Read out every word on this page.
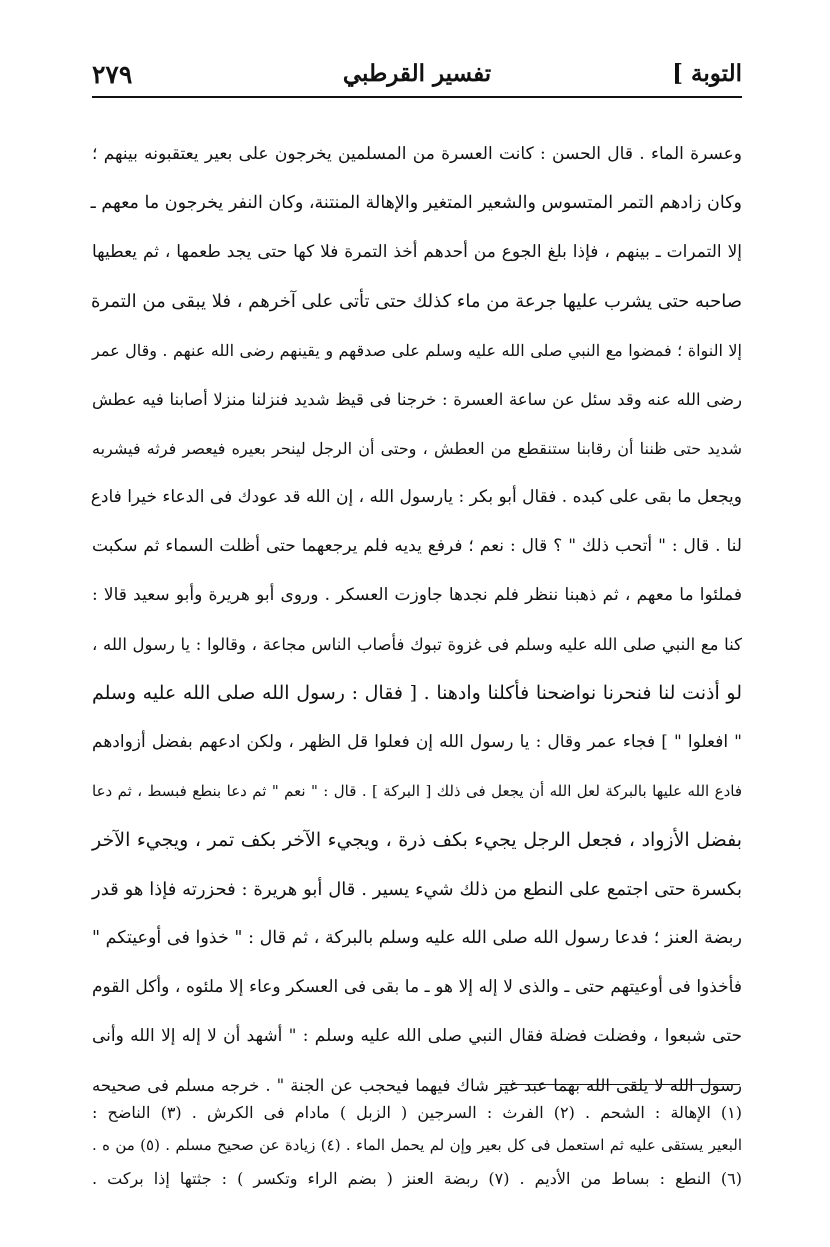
٢٧٩	تفسير القرطبي	التوبة ]
وعسرة الماء . قال الحسن : كانت العسرة من المسلمين يخرجون على بعير يعتقبونه بينهم ؛
وكان زادهم التمر المتسوس والشعير المتغير والإهالة المنتنة، وكان النفر يخرجون ما معهم ـ
إلا التمرات ـ بينهم ، فإذا بلغ الجوع من أحدهم أخذ التمرة فلا كها حتى يجد طعمها ، ثم يعطيها
صاحبه حتى يشرب عليها جرعة من ماء كذلك حتى تأتى على آخرهم ، فلا يبقى من التمرة
إلا النواة ؛ فمضوا مع النبي صلى الله عليه وسلم على صدقهم و يقينهم رضى الله عنهم . وقال عمر
رضى الله عنه وقد سئل عن ساعة العسرة : خرجنا فى قيظ شديد فنزلنا منزلا أصابنا فيه عطش
شديد حتى ظننا أن رقابنا ستنقطع من العطش ، وحتى أن الرجل لينحر بعيره فيعصر فرثه فيشربه
ويجعل ما بقى على كبده . فقال أبو بكر : يارسول الله ، إن الله قد عودك فى الدعاء خيرا فادع
لنا . قال : " أتحب ذلك " ؟ قال : نعم ؛ فرفع يديه فلم يرجعهما حتى أظلت السماء ثم سكبت
فملئوا ما معهم ، ثم ذهبنا ننظر فلم نجدها جاوزت العسكر . وروى أبو هريرة وأبو سعيد قالا :
كنا مع النبي صلى الله عليه وسلم فى غزوة تبوك فأصاب الناس مجاعة ، وقالوا : يا رسول الله ،
لو أذنت لنا فنحرنا نواضحنا فأكلنا وادهنا . [ فقال : رسول الله صلى الله عليه وسلم
" افعلوا " ] فجاء عمر وقال : يا رسول الله إن فعلوا قل الظهر ، ولكن ادعهم بفضل أزوادهم
فادع الله عليها بالبركة لعل الله أن يجعل فى ذلك [ البركة ] . قال : " نعم " ثم دعا بنطع فبسط ، ثم دعا
بفضل الأزواد ، فجعل الرجل يجيء بكف ذرة ، ويجيء الآخر بكف تمر ، ويجيء الآخر
بكسرة حتى اجتمع على النطع من ذلك شيء يسير . قال أبو هريرة : فحزرته فإذا هو قدر
ربضة العنز ؛ فدعا رسول الله صلى الله عليه وسلم بالبركة ، ثم قال : " خذوا فى أوعيتكم "
فأخذوا فى أوعيتهم حتى ـ والذى لا إله إلا هو ـ ما بقى فى العسكر وعاء إلا ملئوه ، وأكل القوم
حتى شبعوا ، وفضلت فضلة فقال النبي صلى الله عليه وسلم : " أشهد أن لا إله إلا الله وأنى
رسول الله لا يلقى الله بهما عبد غير شاك فيهما فيحجب عن الجنة " . خرجه مسلم فى صحيحه
(١) الإهالة : الشحم . (٢) الفرث : السرجين ( الزبل ) مادام فى الكرش . (٣) الناضح :
البعير يستقى عليه ثم استعمل فى كل بعير وإن لم يحمل الماء . (٤) زيادة عن صحيح مسلم . (٥) من ه .
(٦) النطع : بساط من الأديم . (٧) ربضة العنز ( بضم الراء وتكسر ) : جثتها إذا بركت .
